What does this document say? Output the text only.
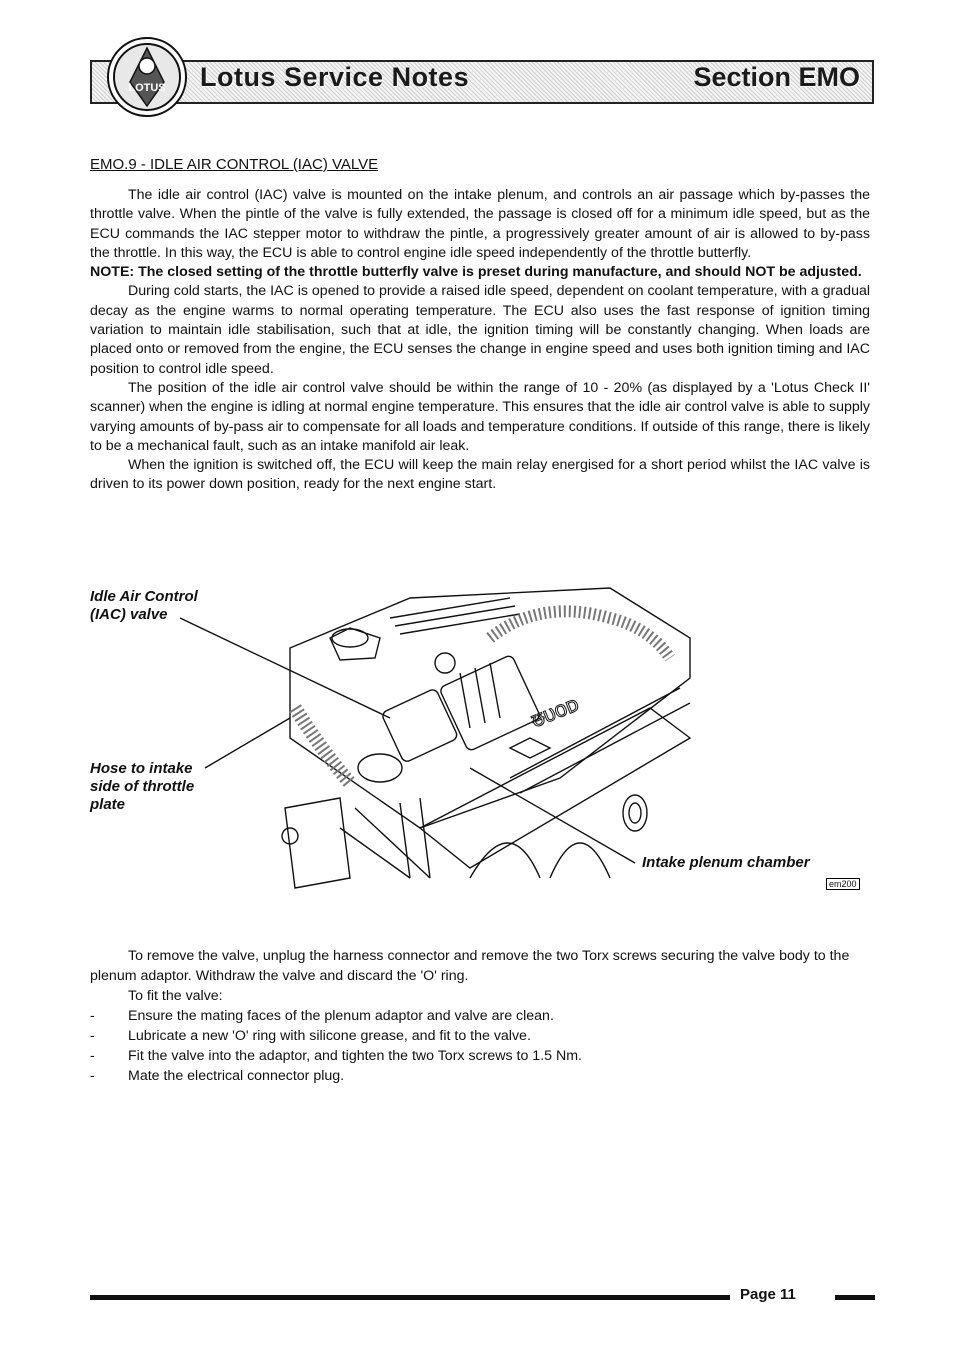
LOTUS Lotus Service Notes	Section EMO
EMO.9 - IDLE AIR CONTROL (IAC) VALVE

The idle air control (IAC) valve is mounted on the intake plenum, and controls an air passage which by-passes the throttle valve. When the pintle of the valve is fully extended, the passage is closed off for a minimum idle speed, but as the ECU commands the IAC stepper motor to withdraw the pintle, a progressively greater amount of air is allowed to by-pass the throttle. In this way, the ECU is able to control engine idle speed independently of the throttle butterfly.

NOTE: The closed setting of the throttle butterfly valve is preset during manufacture, and should NOT be adjusted.

During cold starts, the IAC is opened to provide a raised idle speed, dependent on coolant temperature, with a gradual decay as the engine warms to normal operating temperature. The ECU also uses the fast response of ignition timing variation to maintain idle stabilisation, such that at idle, the ignition timing will be constantly changing. When loads are placed onto or removed from the engine, the ECU senses the change in engine speed and uses both ignition timing and IAC position to control idle speed.

The position of the idle air control valve should be within the range of 10 - 20% (as displayed by a 'Lotus Check II' scanner) when the engine is idling at normal engine temperature. This ensures that the idle air control valve is able to supply varying amounts of by-pass air to compensate for all loads and temperature conditions. If outside of this range, there is likely to be a mechanical fault, such as an intake manifold air leak.

When the ignition is switched off, the ECU will keep the main relay energised for a short period whilst the IAC valve is driven to its power down position, ready for the next engine start.

ᵿᴜᴏᴅ
Idle Air Control
(IAC) valve
Hose to intake
side of throttle
plate
Intake plenum chamber
em200

To remove the valve, unplug the harness connector and remove the two Torx screws securing the valve body to the plenum adaptor. Withdraw the valve and discard the 'O' ring.

To fit the valve:

-	Ensure the mating faces of the plenum adaptor and valve are clean.
-	Lubricate a new 'O' ring with silicone grease, and fit to the valve.
-	Fit the valve into the adaptor, and tighten the two Torx screws to 1.5 Nm.
-	Mate the electrical connector plug.
Page 11
